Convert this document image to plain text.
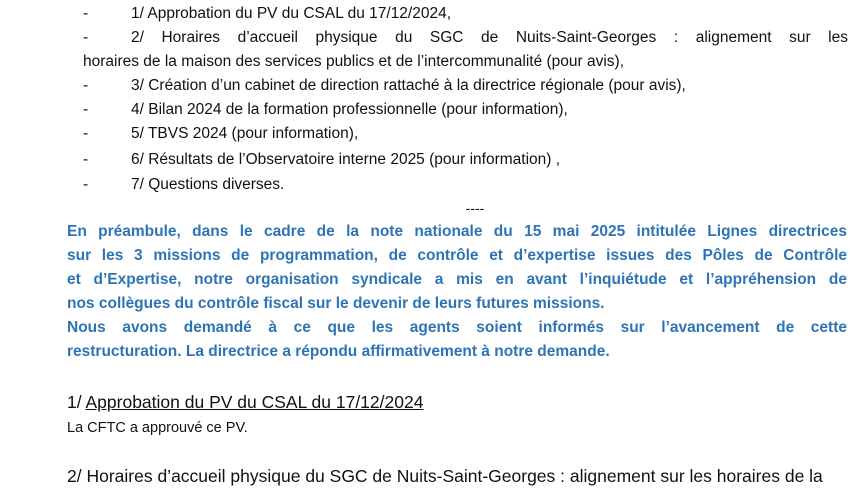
-	1/ Approbation du PV du CSAL du 17/12/2024,
-	2/ Horaires d’accueil physique du SGC de Nuits-Saint-Georges : alignement sur les
horaires de la maison des services publics et de l’intercommunalité (pour avis),
-	3/ Création d’un cabinet de direction rattaché à la directrice régionale (pour avis),
-	4/ Bilan 2024 de la formation professionnelle (pour information),
-	5/ TBVS 2024 (pour information),
-	6/ Résultats de l’Observatoire interne 2025 (pour information) ,
-	7/ Questions diverses.
----
En préambule, dans le cadre de la note nationale du 15 mai 2025 intitulée Lignes directrices
sur les 3 missions de programmation, de contrôle et d’expertise issues des Pôles de Contrôle
et d’Expertise, notre organisation syndicale a mis en avant l’inquiétude et l’appréhension de
nos collègues du contrôle fiscal sur le devenir de leurs futures missions.
Nous avons demandé à ce que les agents soient informés sur l’avancement de cette
restructuration. La directrice a répondu affirmativement à notre demande.
1/ Approbation du PV du CSAL du 17/12/2024
La CFTC a approuvé ce PV.
2/ Horaires d’accueil physique du SGC de Nuits-Saint-Georges : alignement sur les horaires de la
